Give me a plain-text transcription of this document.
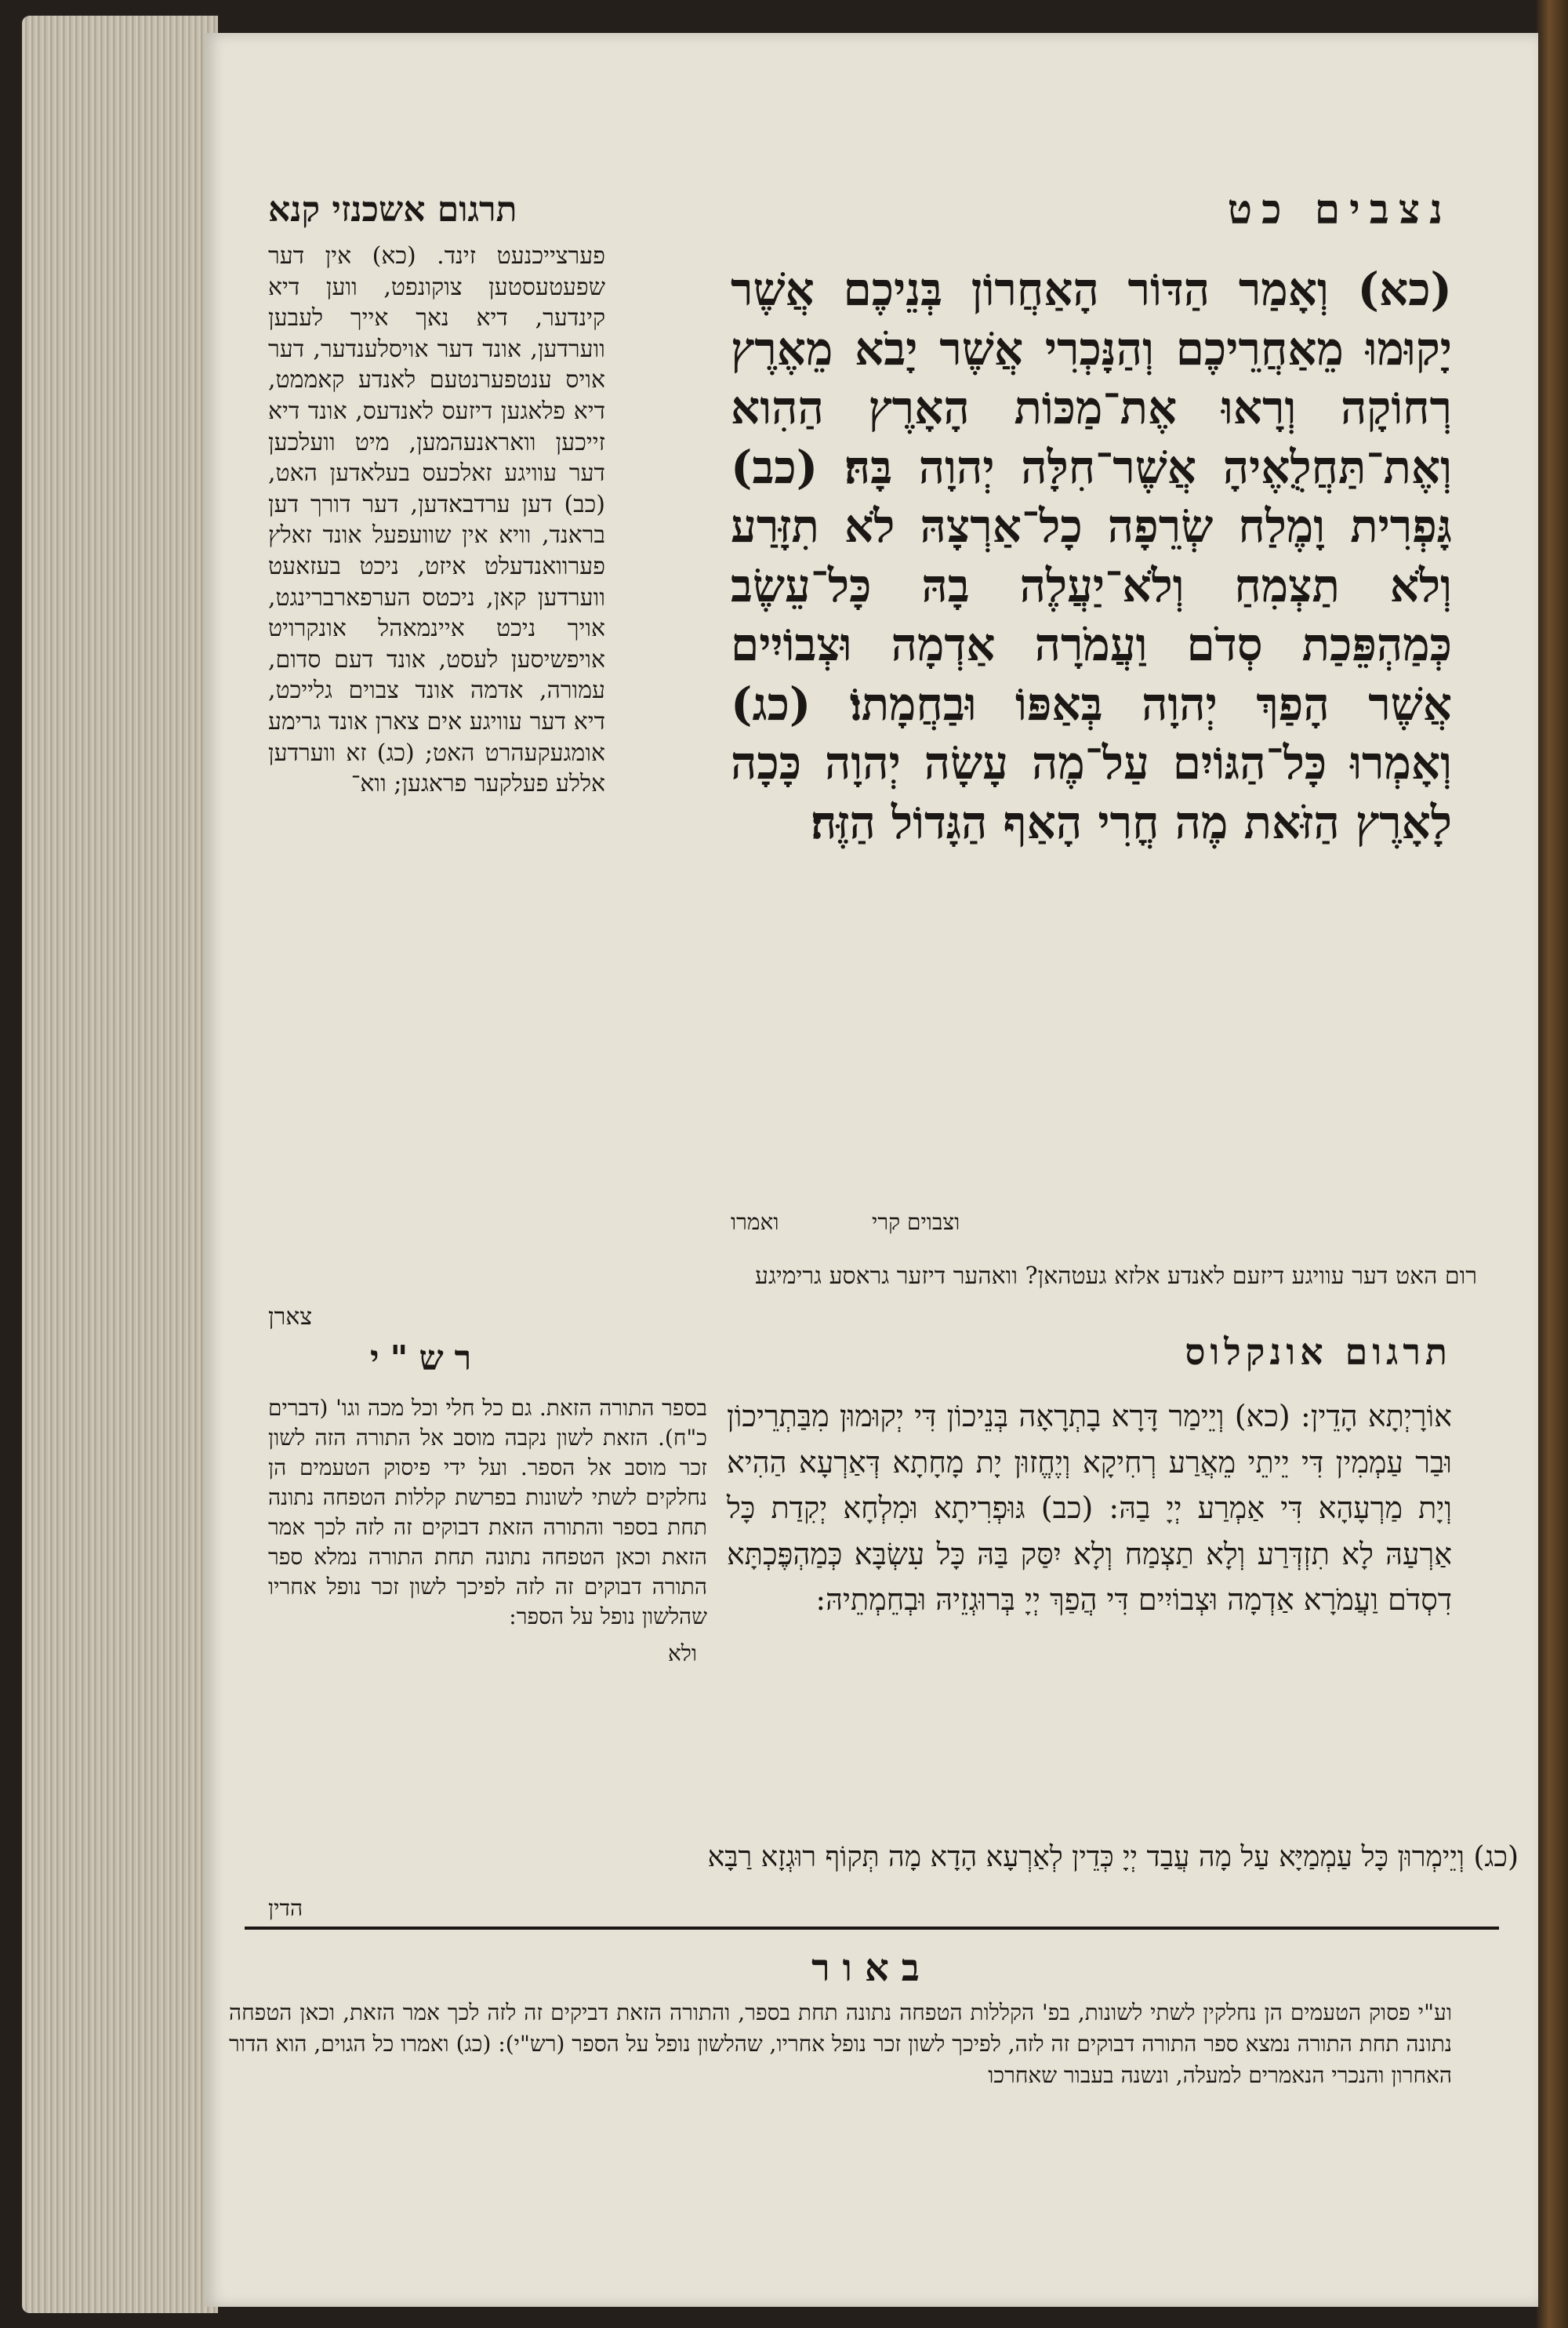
נצבים כט
תרגום אשכנזי קנא
(כא) וְאָמַר הַדּוֹר הָאַחֲרוֹן בְּנֵיכֶם אֲשֶׁר יָקוּמוּ מֵאַחֲרֵיכֶם וְהַנָּכְרִי אֲשֶׁר יָבֹא מֵאֶרֶץ רְחוֹקָה וְרָאוּ אֶת־מַכּוֹת הָאָרֶץ הַהִוא וְאֶת־תַּחֲלֻאֶיהָ אֲשֶׁר־חִלָּה יְהוָה בָּהּ׃ (כב) גָּפְרִית וָמֶלַח שְׂרֵפָה כָל־אַרְצָהּ לֹא תִזָּרַע וְלֹא תַצְמִחַ וְלֹא־יַעֲלֶה בָהּ כָּל־עֵשֶׂב כְּמַהְפֵּכַת סְדֹם וַעֲמֹרָה אַדְמָה וּצְבוֹיִים אֲשֶׁר הָפַךְ יְהוָה בְּאַפּוֹ וּבַחֲמָתוֹ׃ (כג) וְאָמְרוּ כָּל־הַגּוֹיִם עַל־מֶה עָשָׂה יְהוָה כָּכָה לָאָרֶץ הַזֹּאת מֶה חֳרִי הָאַף הַגָּדוֹל הַזֶּה׃
פערצייכנעט זינד. (כא) אין דער שפעטעסטען צוקונפט, ווען דיא קינדער, דיא נאך אייך לעבען ווערדען, אונד דער אויסלענדער, דער אויס ענטפערנטעם לאנדע קאממט, דיא פלאגען דיזעס לאנדעס, אונד דיא זייכען וואראנעהמען, מיט וועלכען דער עוויגע זאלכעס בעלאדען האט, (כב) דען ערדבאדען, דער דורך דען בראנד, וויא אין שוועפעל אונד זאלץ פערוואנדעלט איזט, ניכט בעזאעט ווערדען קאן, ניכטס הערפארברינגט, אויך ניכט איינמאהל אונקרויט אויפשיסען לעסט, אונד דעם סדום, עמורה, אדמה אונד צבוים גלייכט, דיא דער עוויגע אים צארן אונד גרימע אומגעקעהרט האט; (כג) זא ווערדען אללע פעלקער פראגען; ווא־
ואמרו	וצבוים קרי
רום האט דער עוויגע דיזעם לאנדע אלזא געטהאן? וואהער דיזער גראסע גרימיגע
צארן
תרגום אונקלוס
רש"י
אוֹרָיְתָא הָדֵין: (כא) וְיֵימַר דָּרָא בָתְרָאָה בְּנֵיכוֹן דִּי יְקוּמוּן מִבַּתְרֵיכוֹן וּבַר עַמְמִין דִּי יֵיתֵי מֵאֲרַע רְחִיקָא וְיֶחֱזוּן יָת מָחָתָא דְּאַרְעָא הַהִיא וְיָת מַרְעָהָא דִּי אַמְרַע יְיָ בַהּ: (כב) גּוּפְרִיתָא וּמִלְחָא יְקִדַת כָּל אַרְעַהּ לָא תִזְדְּרַע וְלָא תַצְמַח וְלָא יִסַּק בַּהּ כָּל עִשְׂבָּא כְּמַהְפֶּכְתָּא דִסְדֹם וַעֲמֹרָא אַדְמָה וּצְבוֹיִים דִּי הֲפַךְ יְיָ בְּרוּגְזֵיהּ וּבְחֵמְתֵיהּ:
בספר התורה הזאת. גם כל חלי וכל מכה וגו' (דברים כ"ח). הזאת לשון נקבה מוסב אל התורה הזה לשון זכר מוסב אל הספר. ועל ידי פיסוק הטעמים הן נחלקים לשתי לשונות בפרשת קללות הטפחה נתונה תחת בספר והתורה הזאת דבוקים זה לזה לכך אמר הזאת וכאן הטפחה נתונה תחת התורה נמלא ספר התורה דבוקים זה לזה לפיכך לשון זכר נופל אחריו שהלשון נופל על הספר:
ולא
(כג) וְיֵימְרוּן כָּל עַמְמַיָּא עַל מָה עֲבַד יְיָ כְּדֵין לְאַרְעָא הָדָא מָה תְּקוֹף רוּגְזָא רַבָּא
הדין
באור
וע"י פסוק הטעמים הן נחלקין לשתי לשונות, בפ' הקללות הטפחה נתונה תחת בספר, והתורה הזאת דביקים זה לזה לכך אמר הזאת, וכאן הטפחה נתונה תחת התורה נמצא ספר התורה דבוקים זה לזה, לפיכך לשון זכר נופל אחריו, שהלשון נופל על הספר (רש"י): (כג) ואמרו כל הגוים, הוא הדור האחרון והנכרי הנאמרים למעלה, ונשנה בעבור שאחרכו
